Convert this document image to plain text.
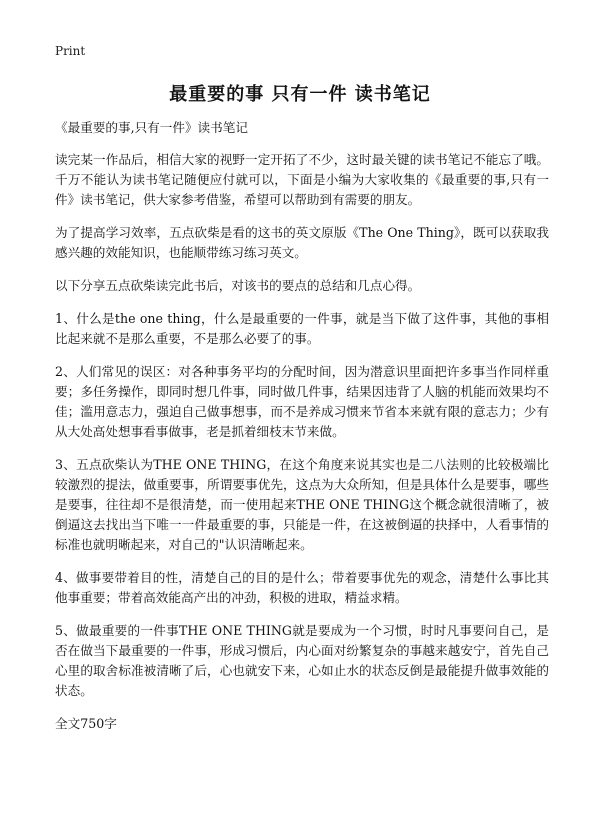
Print
最重要的事 只有一件 读书笔记

《最重要的事,只有一件》读书笔记

读完某一作品后，相信大家的视野一定开拓了不少，这时最关键的读书笔记不能忘了哦。千万不能认为读书笔记随便应付就可以，下面是小编为大家收集的《最重要的事,只有一件》读书笔记，供大家参考借鉴，希望可以帮助到有需要的朋友。

为了提高学习效率，五点砍柴是看的这书的英文原版《The One Thing》，既可以获取我感兴趣的效能知识，也能顺带练习练习英文。

以下分享五点砍柴读完此书后，对该书的要点的总结和几点心得。

1、什么是the one thing，什么是最重要的一件事，就是当下做了这件事，其他的事相比起来就不是那么重要，不是那么必要了的事。

2、人们常见的误区：对各种事务平均的分配时间，因为潜意识里面把许多事当作同样重要；多任务操作，即同时想几件事，同时做几件事，结果因违背了人脑的机能而效果均不佳；滥用意志力，强迫自己做事想事，而不是养成习惯来节省本来就有限的意志力；少有从大处高处想事看事做事，老是抓着细枝末节来做。

3、五点砍柴认为THE ONE THING，在这个角度来说其实也是二八法则的比较极端比较激烈的提法，做重要事，所谓要事优先，这点为大众所知，但是具体什么是要事，哪些是要事，往往却不是很清楚，而一使用起来THE ONE THING这个概念就很清晰了，被倒逼这去找出当下唯一一件最重要的事，只能是一件，在这被倒逼的抉择中，人看事情的标准也就明晰起来，对自己的"认识清晰起来。

4、做事要带着目的性，清楚自己的目的是什么；带着要事优先的观念，清楚什么事比其他事重要；带着高效能高产出的冲劲，积极的进取，精益求精。

5、做最重要的一件事THE ONE THING就是要成为一个习惯，时时凡事要问自己，是否在做当下最重要的一件事，形成习惯后，内心面对纷繁复杂的事越来越安宁，首先自己心里的取舍标准被清晰了后，心也就安下来，心如止水的状态反倒是最能提升做事效能的状态。

全文750字
